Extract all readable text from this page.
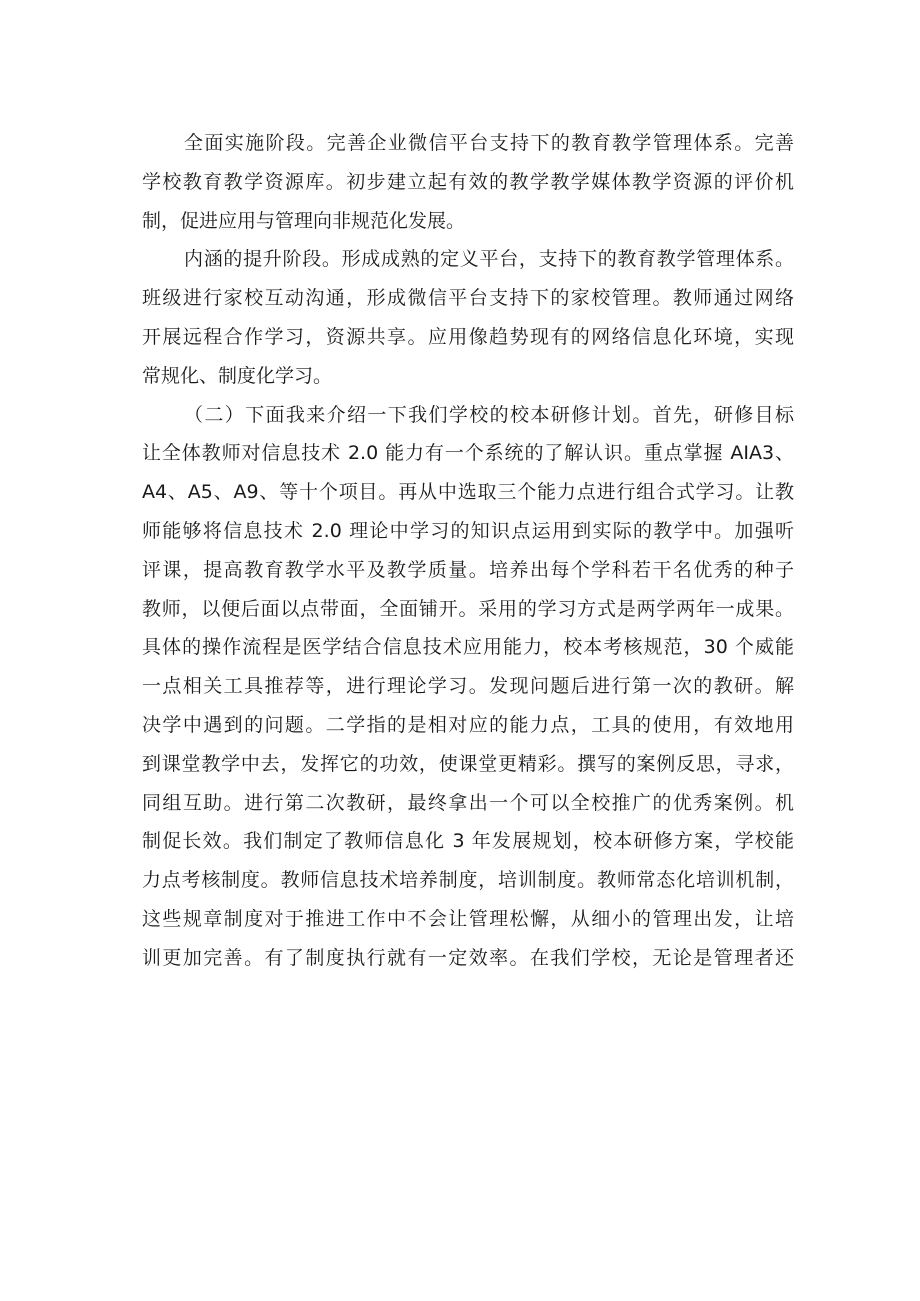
全面实施阶段。完善企业微信平台支持下的教育教学管理体系。完善
学校教育教学资源库。初步建立起有效的教学教学媒体教学资源的评价机
制，促进应用与管理向非规范化发展。
内涵的提升阶段。形成成熟的定义平台，支持下的教育教学管理体系。
班级进行家校互动沟通，形成微信平台支持下的家校管理。教师通过网络
开展远程合作学习，资源共享。应用像趋势现有的网络信息化环境，实现
常规化、制度化学习。
（二）下面我来介绍一下我们学校的校本研修计划。首先，研修目标
让全体教师对信息技术 2.0 能力有一个系统的了解认识。重点掌握 AIA3、
A4、A5、A9、等十个项目。再从中选取三个能力点进行组合式学习。让教
师能够将信息技术 2.0 理论中学习的知识点运用到实际的教学中。加强听
评课，提高教育教学水平及教学质量。培养出每个学科若干名优秀的种子
教师，以便后面以点带面，全面铺开。采用的学习方式是两学两年一成果。
具体的操作流程是医学结合信息技术应用能力，校本考核规范，30 个威能
一点相关工具推荐等，进行理论学习。发现问题后进行第一次的教研。解
决学中遇到的问题。二学指的是相对应的能力点，工具的使用，有效地用
到课堂教学中去，发挥它的功效，使课堂更精彩。撰写的案例反思，寻求，
同组互助。进行第二次教研，最终拿出一个可以全校推广的优秀案例。机
制促长效。我们制定了教师信息化 3 年发展规划，校本研修方案，学校能
力点考核制度。教师信息技术培养制度，培训制度。教师常态化培训机制，
这些规章制度对于推进工作中不会让管理松懈，从细小的管理出发，让培
训更加完善。有了制度执行就有一定效率。在我们学校，无论是管理者还
